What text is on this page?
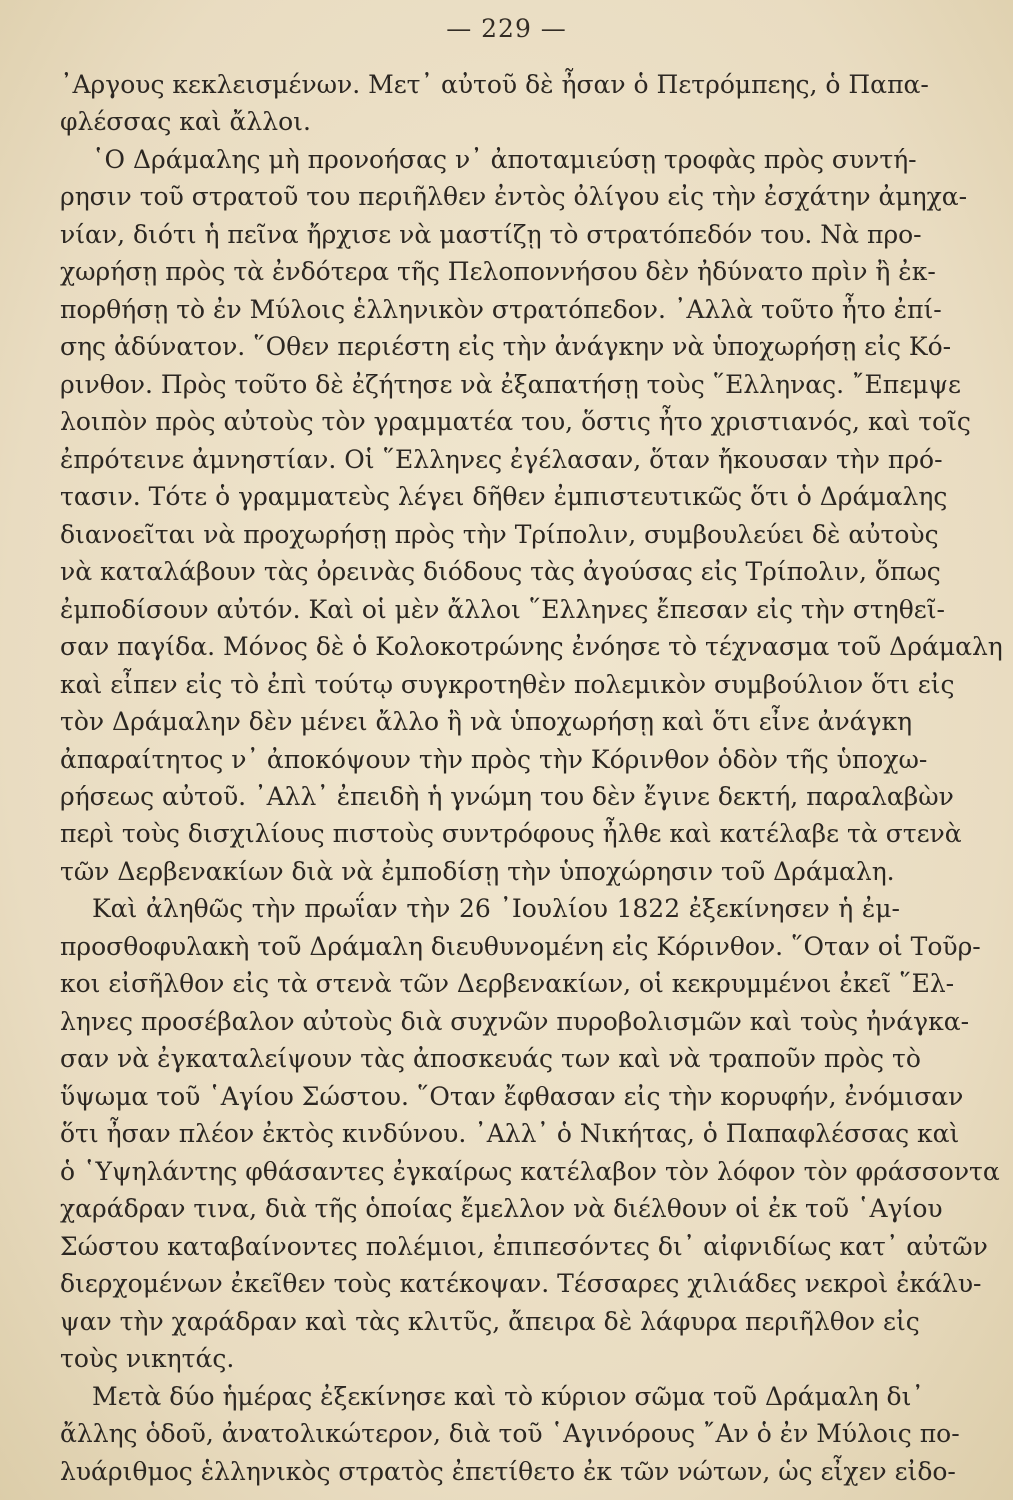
— 229 —
᾿Αργους κεκλεισμένων. Μετ᾿ αὐτοῦ δὲ ἦσαν ὁ Πετρόμπεης, ὁ Παπα-
φλέσσας καὶ ἄλλοι.
῾Ο Δράμαλης μὴ προνοήσας ν᾿ ἀποταμιεύσῃ τροφὰς πρὸς συντή-
ρησιν τοῦ στρατοῦ του περιῆλθεν ἐντὸς ὀλίγου εἰς τὴν ἐσχάτην ἀμηχα-
νίαν, διότι ἡ πεῖνα ἤρχισε νὰ μαστίζῃ τὸ στρατόπεδόν του. Νὰ προ-
χωρήσῃ πρὸς τὰ ἐνδότερα τῆς Πελοποννήσου δὲν ἠδύνατο πρὶν ἢ ἐκ-
πορθήσῃ τὸ ἐν Μύλοις ἑλληνικὸν στρατόπεδον. ᾿Αλλὰ τοῦτο ἦτο ἐπί-
σης ἀδύνατον. ῞Οθεν περιέστη εἰς τὴν ἀνάγκην νὰ ὑποχωρήσῃ εἰς Κό-
ρινθον. Πρὸς τοῦτο δὲ ἐζήτησε νὰ ἐξαπατήσῃ τοὺς ῞Ελληνας. ῎Επεμψε
λοιπὸν πρὸς αὐτοὺς τὸν γραμματέα του, ὅστις ἦτο χριστιανός, καὶ τοῖς
ἐπρότεινε ἀμνηστίαν. Οἱ ῞Ελληνες ἐγέλασαν, ὅταν ἤκουσαν τὴν πρό-
τασιν. Τότε ὁ γραμματεὺς λέγει δῆθεν ἐμπιστευτικῶς ὅτι ὁ Δράμαλης
διανοεῖται νὰ προχωρήσῃ πρὸς τὴν Τρίπολιν, συμβουλεύει δὲ αὐτοὺς
νὰ καταλάβουν τὰς ὀρεινὰς διόδους τὰς ἀγούσας εἰς Τρίπολιν, ὅπως
ἐμποδίσουν αὐτόν. Καὶ οἱ μὲν ἄλλοι ῞Ελληνες ἔπεσαν εἰς τὴν στηθεῖ-
σαν παγίδα. Μόνος δὲ ὁ Κολοκοτρώνης ἐνόησε τὸ τέχνασμα τοῦ Δράμαλη
καὶ εἶπεν εἰς τὸ ἐπὶ τούτῳ συγκροτηθὲν πολεμικὸν συμβούλιον ὅτι εἰς
τὸν Δράμαλην δὲν μένει ἄλλο ἢ νὰ ὑποχωρήσῃ καὶ ὅτι εἶνε ἀνάγκη
ἀπαραίτητος ν᾿ ἀποκόψουν τὴν πρὸς τὴν Κόρινθον ὁδὸν τῆς ὑποχω-
ρήσεως αὐτοῦ. ᾿Αλλ᾿ ἐπειδὴ ἡ γνώμη του δὲν ἔγινε δεκτή, παραλαβὼν
περὶ τοὺς δισχιλίους πιστοὺς συντρόφους ἦλθε καὶ κατέλαβε τὰ στενὰ
τῶν Δερβενακίων διὰ νὰ ἐμποδίσῃ τὴν ὑποχώρησιν τοῦ Δράμαλη.
Καὶ ἀληθῶς τὴν πρωΐαν τὴν 26 ᾿Ιουλίου 1822 ἐξεκίνησεν ἡ ἐμ-
προσθοφυλακὴ τοῦ Δράμαλη διευθυνομένη εἰς Κόρινθον. ῞Οταν οἱ Τοῦρ-
κοι εἰσῆλθον εἰς τὰ στενὰ τῶν Δερβενακίων, οἱ κεκρυμμένοι ἐκεῖ ῞Ελ-
ληνες προσέβαλον αὐτοὺς διὰ συχνῶν πυροβολισμῶν καὶ τοὺς ἠνάγκα-
σαν νὰ ἐγκαταλείψουν τὰς ἀποσκευάς των καὶ νὰ τραποῦν πρὸς τὸ
ὕψωμα τοῦ ῾Αγίου Σώστου. ῞Οταν ἔφθασαν εἰς τὴν κορυφήν, ἐνόμισαν
ὅτι ἦσαν πλέον ἐκτὸς κινδύνου. ᾿Αλλ᾿ ὁ Νικήτας, ὁ Παπαφλέσσας καὶ
ὁ ῾Υψηλάντης φθάσαντες ἐγκαίρως κατέλαβον τὸν λόφον τὸν φράσσοντα
χαράδραν τινα, διὰ τῆς ὁποίας ἔμελλον νὰ διέλθουν οἱ ἐκ τοῦ ῾Αγίου
Σώστου καταβαίνοντες πολέμιοι, ἐπιπεσόντες δι᾿ αἰφνιδίως κατ᾿ αὐτῶν
διερχομένων ἐκεῖθεν τοὺς κατέκοψαν. Τέσσαρες χιλιάδες νεκροὶ ἐκάλυ-
ψαν τὴν χαράδραν καὶ τὰς κλιτῦς, ἄπειρα δὲ λάφυρα περιῆλθον εἰς
τοὺς νικητάς.
Μετὰ δύο ἡμέρας ἐξεκίνησε καὶ τὸ κύριον σῶμα τοῦ Δράμαλη δι᾿
ἄλλης ὁδοῦ, ἀνατολικώτερον, διὰ τοῦ ῾Αγινόρους ῎Αν ὁ ἐν Μύλοις πο-
λυάριθμος ἑλληνικὸς στρατὸς ἐπετίθετο ἐκ τῶν νώτων, ὡς εἶχεν εἰδο-
